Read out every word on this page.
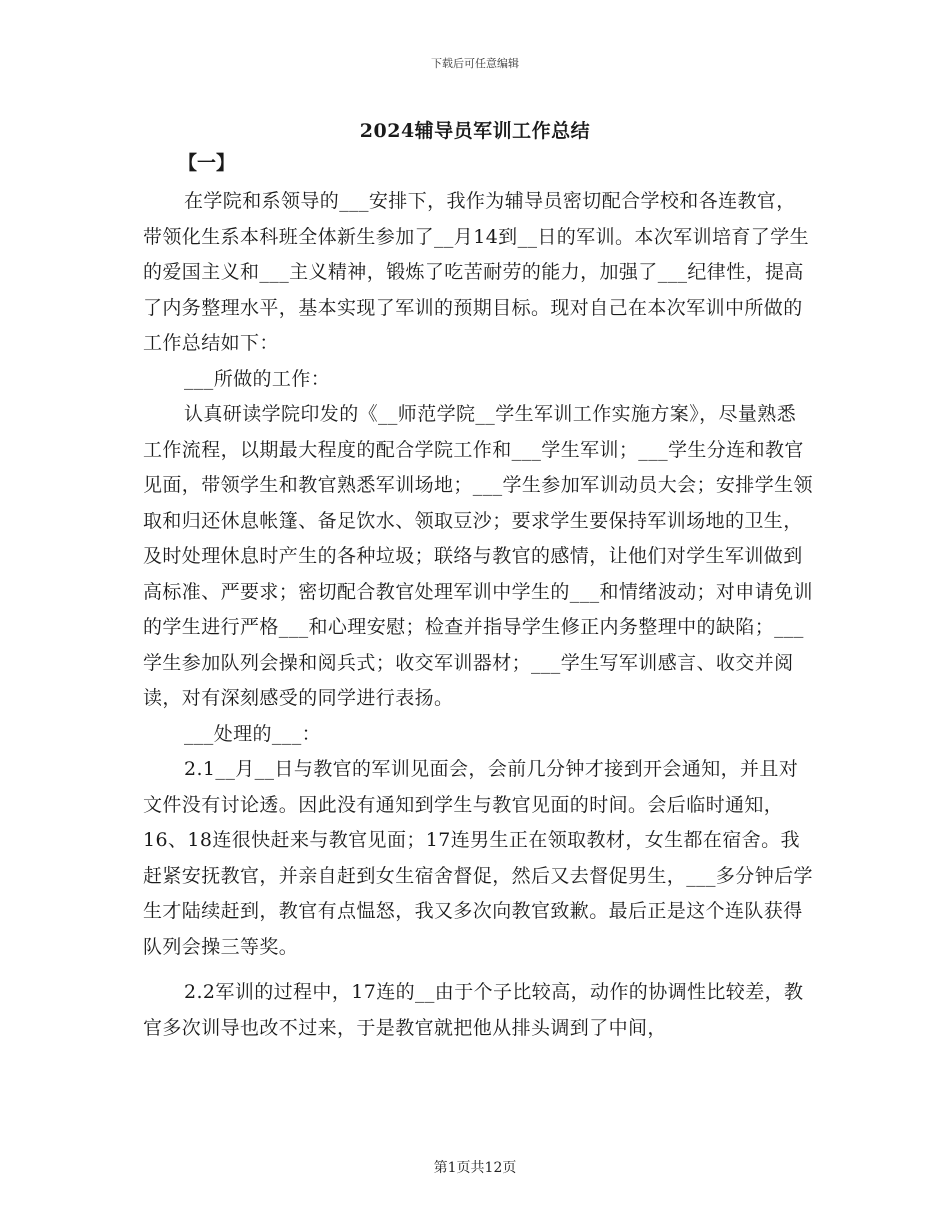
下载后可任意编辑
2024辅导员军训工作总结
【一】

在学院和系领导的___安排下，我作为辅导员密切配合学校和各连教官，带领化生系本科班全体新生参加了__月14到__日的军训。本次军训培育了学生的爱国主义和___主义精神，锻炼了吃苦耐劳的能力，加强了___纪律性，提高了内务整理水平，基本实现了军训的预期目标。现对自己在本次军训中所做的工作总结如下：

___所做的工作：

认真研读学院印发的《__师范学院__学生军训工作实施方案》，尽量熟悉工作流程，以期最大程度的配合学院工作和___学生军训；___学生分连和教官见面，带领学生和教官熟悉军训场地；___学生参加军训动员大会；安排学生领取和归还休息帐篷、备足饮水、领取豆沙；要求学生要保持军训场地的卫生，及时处理休息时产生的各种垃圾；联络与教官的感情，让他们对学生军训做到高标准、严要求；密切配合教官处理军训中学生的___和情绪波动；对申请免训的学生进行严格___和心理安慰；检查并指导学生修正内务整理中的缺陷；___学生参加队列会操和阅兵式；收交军训器材；___学生写军训感言、收交并阅读，对有深刻感受的同学进行表扬。

___处理的___：

2.1__月__日与教官的军训见面会，会前几分钟才接到开会通知，并且对文件没有讨论透。因此没有通知到学生与教官见面的时间。会后临时通知，16、18连很快赶来与教官见面；17连男生正在领取教材，女生都在宿舍。我赶紧安抚教官，并亲自赶到女生宿舍督促，然后又去督促男生，___多分钟后学生才陆续赶到，教官有点愠怒，我又多次向教官致歉。最后正是这个连队获得队列会操三等奖。

2.2军训的过程中，17连的__由于个子比较高，动作的协调性比较差，教官多次训导也改不过来，于是教官就把他从排头调到了中间，

第1页共12页
